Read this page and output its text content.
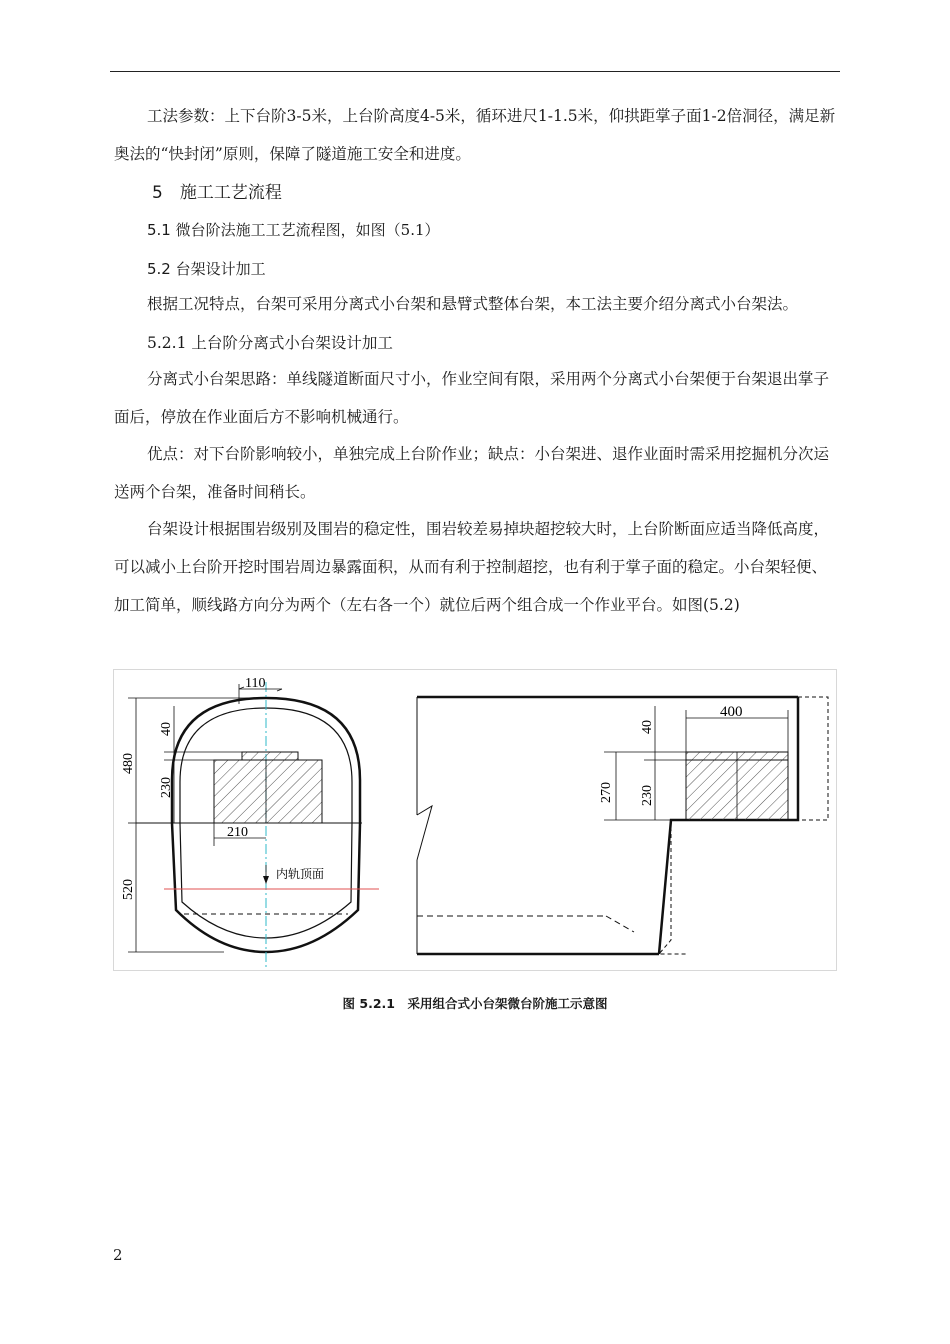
工法参数：上下台阶3-5米，上台阶高度4-5米，循环进尺1-1.5米，仰拱距掌子面1-2倍洞径，满足新奥法的“快封闭”原则，保障了隧道施工安全和进度。

5　施工工艺流程
5.1 微台阶法施工工艺流程图，如图（5.1）
5.2 台架设计加工

根据工况特点，台架可采用分离式小台架和悬臂式整体台架，本工法主要介绍分离式小台架法。

5.2.1 上台阶分离式小台架设计加工

分离式小台架思路：单线隧道断面尺寸小，作业空间有限，采用两个分离式小台架便于台架退出掌子面后，停放在作业面后方不影响机械通行。

优点：对下台阶影响较小，单独完成上台阶作业；缺点：小台架进、退作业面时需采用挖掘机分次运送两个台架，准备时间稍长。

台架设计根据围岩级别及围岩的稳定性，围岩较差易掉块超挖较大时，上台阶断面应适当降低高度，可以减小上台阶开挖时围岩周边暴露面积，从而有利于控制超挖，也有利于掌子面的稳定。小台架轻便、加工简单，顺线路方向分为两个（左右各一个）就位后两个组合成一个作业平台。如图(5.2)

110
40
230
480
520
210
内轨顶面
400
40
230
270
图 5.2.1　采用组合式小台架微台阶施工示意图
2
